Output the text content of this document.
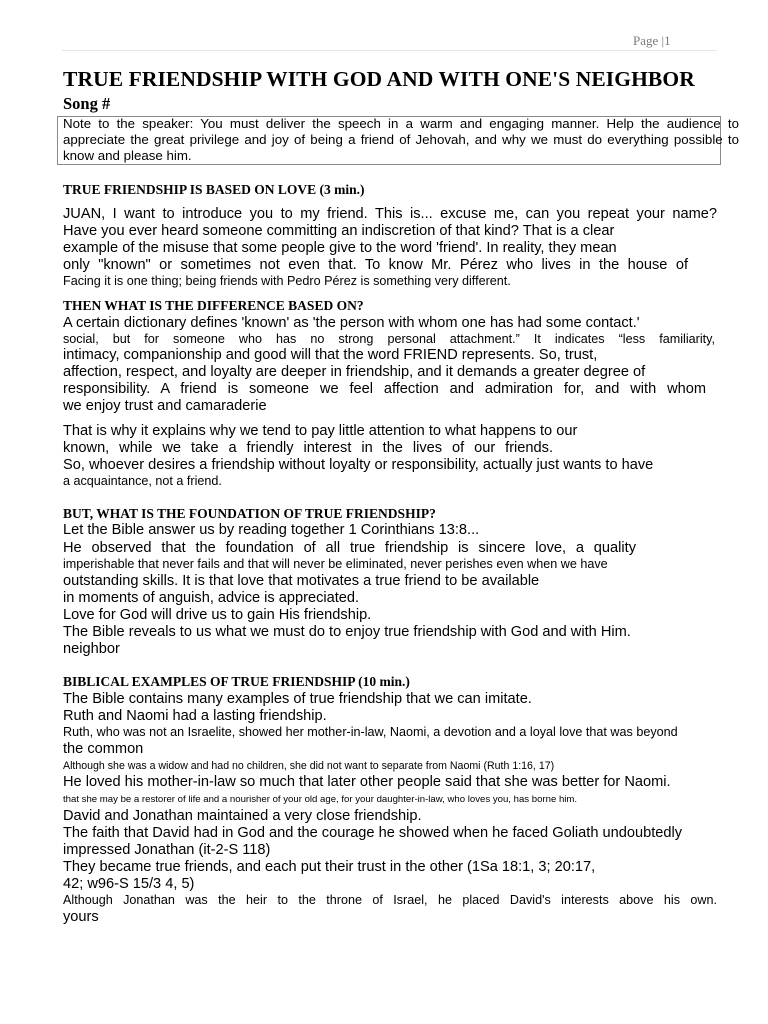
Page |1
TRUE FRIENDSHIP WITH GOD AND WITH ONE'S NEIGHBOR
Song #
Note to the speaker: You must deliver the speech in a warm and engaging manner. Help the audience to appreciate the great privilege and joy of being a friend of Jehovah, and why we must do everything possible to know and please him.
TRUE FRIENDSHIP IS BASED ON LOVE (3 min.)
JUAN, I want to introduce you to my friend. This is... excuse me, can you repeat your name?
Have you ever heard someone committing an indiscretion of that kind? That is a clear
example of the misuse that some people give to the word 'friend'. In reality, they mean
only "known" or sometimes not even that. To know Mr. Pérez who lives in the house of
Facing it is one thing; being friends with Pedro Pérez is something very different.
THEN WHAT IS THE DIFFERENCE BASED ON?
A certain dictionary defines 'known' as 'the person with whom one has had some contact.'
social, but for someone who has no strong personal attachment.” It indicates “less familiarity,
intimacy, companionship and good will that the word FRIEND represents. So, trust,
affection, respect, and loyalty are deeper in friendship, and it demands a greater degree of
responsibility. A friend is someone we feel affection and admiration for, and with whom
we enjoy trust and camaraderie
That is why it explains why we tend to pay little attention to what happens to our
known, while we take a friendly interest in the lives of our friends.
So, whoever desires a friendship without loyalty or responsibility, actually just wants to have
a acquaintance, not a friend.
BUT, WHAT IS THE FOUNDATION OF TRUE FRIENDSHIP?
Let the Bible answer us by reading together 1 Corinthians 13:8...
He observed that the foundation of all true friendship is sincere love, a quality
imperishable that never fails and that will never be eliminated, never perishes even when we have
outstanding skills. It is that love that motivates a true friend to be available
in moments of anguish, advice is appreciated.
Love for God will drive us to gain His friendship.
The Bible reveals to us what we must do to enjoy true friendship with God and with Him.
neighbor
BIBLICAL EXAMPLES OF TRUE FRIENDSHIP (10 min.)
The Bible contains many examples of true friendship that we can imitate.
Ruth and Naomi had a lasting friendship.
Ruth, who was not an Israelite, showed her mother-in-law, Naomi, a devotion and a loyal love that was beyond
the common
Although she was a widow and had no children, she did not want to separate from Naomi (Ruth 1:16, 17)
He loved his mother-in-law so much that later other people said that she was better for Naomi.
that she may be a restorer of life and a nourisher of your old age, for your daughter-in-law, who loves you, has borne him.
David and Jonathan maintained a very close friendship.
The faith that David had in God and the courage he showed when he faced Goliath undoubtedly
impressed Jonathan (it-2-S 118)
They became true friends, and each put their trust in the other (1Sa 18:1, 3; 20:17,
42; w96-S 15/3 4, 5)
Although Jonathan was the heir to the throne of Israel, he placed David's interests above his own.
yours
